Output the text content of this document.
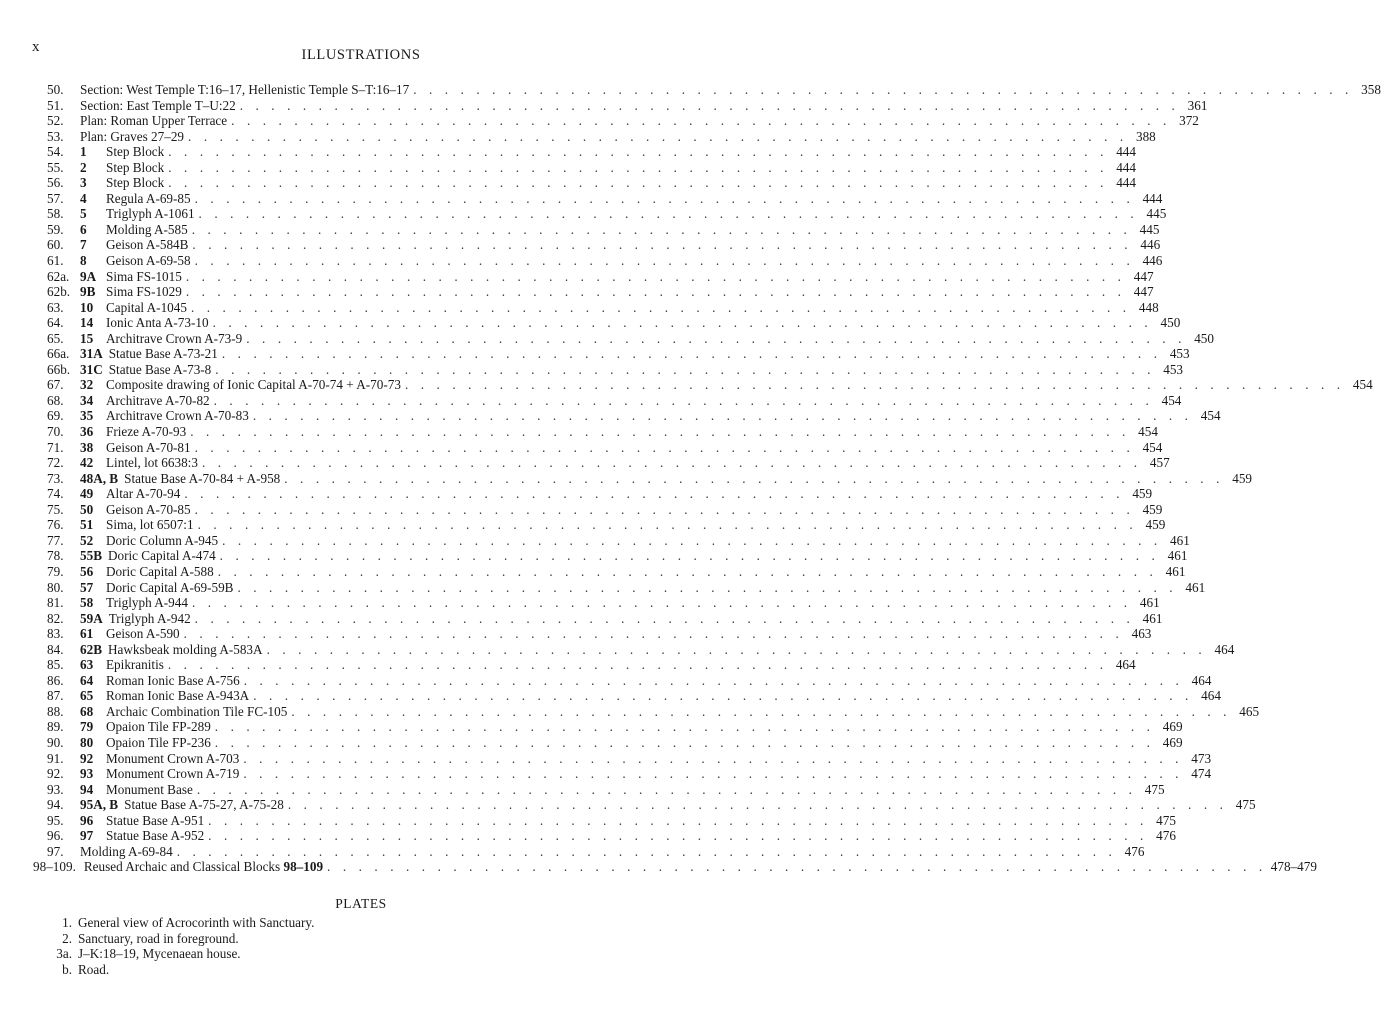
x	ILLUSTRATIONS
50.	Section: West Temple T:16–17, Hellenistic Temple S–T:16–17 . . . . . . . . . . . . . . . . . . . . . . . . . . . . . . . . . . . . . . . . . . . . . . . . . . . . . . . . . . . . 358
51.	Section: East Temple T–U:22 . . . . . . . . . . . . . . . . . . . . . . . . . . . . . . . . . . . . . . . . . . . . . . . . . . . . . . . . . . . . 361
52.	Plan: Roman Upper Terrace . . . . . . . . . . . . . . . . . . . . . . . . . . . . . . . . . . . . . . . . . . . . . . . . . . . . . . . . . . . . 372
53.	Plan: Graves 27–29 . . . . . . . . . . . . . . . . . . . . . . . . . . . . . . . . . . . . . . . . . . . . . . . . . . . . . . . . . . . . 388
54.	1 Step Block . . . . . . . . . . . . . . . . . . . . . . . . . . . . . . . . . . . . . . . . . . . . . . . . . . . . . . . . . . . . 444
55.	2 Step Block . . . . . . . . . . . . . . . . . . . . . . . . . . . . . . . . . . . . . . . . . . . . . . . . . . . . . . . . . . . . 444
56.	3 Step Block . . . . . . . . . . . . . . . . . . . . . . . . . . . . . . . . . . . . . . . . . . . . . . . . . . . . . . . . . . . . 444
57.	4 Regula A-69-85 . . . . . . . . . . . . . . . . . . . . . . . . . . . . . . . . . . . . . . . . . . . . . . . . . . . . . . . . . . . . 444
58.	5 Triglyph A-1061 . . . . . . . . . . . . . . . . . . . . . . . . . . . . . . . . . . . . . . . . . . . . . . . . . . . . . . . . . . . . 445
59.	6 Molding A-585 . . . . . . . . . . . . . . . . . . . . . . . . . . . . . . . . . . . . . . . . . . . . . . . . . . . . . . . . . . . . 445
60.	7 Geison A-584B . . . . . . . . . . . . . . . . . . . . . . . . . . . . . . . . . . . . . . . . . . . . . . . . . . . . . . . . . . . . 446
61.	8 Geison A-69-58 . . . . . . . . . . . . . . . . . . . . . . . . . . . . . . . . . . . . . . . . . . . . . . . . . . . . . . . . . . . . 446
62a. 9A Sima FS-1015 . . . . . . . . . . . . . . . . . . . . . . . . . . . . . . . . . . . . . . . . . . . . . . . . . . . . . . . . . . . . 447
62b. 9B Sima FS-1029 . . . . . . . . . . . . . . . . . . . . . . . . . . . . . . . . . . . . . . . . . . . . . . . . . . . . . . . . . . . . 447
63.	10 Capital A-1045 . . . . . . . . . . . . . . . . . . . . . . . . . . . . . . . . . . . . . . . . . . . . . . . . . . . . . . . . . . . . 448
64.	14 Ionic Anta A-73-10 . . . . . . . . . . . . . . . . . . . . . . . . . . . . . . . . . . . . . . . . . . . . . . . . . . . . . . . . . . . . 450
65.	15 Architrave Crown A-73-9 . . . . . . . . . . . . . . . . . . . . . . . . . . . . . . . . . . . . . . . . . . . . . . . . . . . . . . . . . . . . 450
66a. 31A Statue Base A-73-21 . . . . . . . . . . . . . . . . . . . . . . . . . . . . . . . . . . . . . . . . . . . . . . . . . . . . . . . . . . . . 453
66b. 31C Statue Base A-73-8 . . . . . . . . . . . . . . . . . . . . . . . . . . . . . . . . . . . . . . . . . . . . . . . . . . . . . . . . . . . . 453
67.	32 Composite drawing of Ionic Capital A-70-74 + A-70-73 . . . . . . . . . . . . . . . . . . . . . . . . . . . . . . . . . . . . . . . . . . . . . . . . . . . . . . . . . . . . 454
68.	34 Architrave A-70-82 . . . . . . . . . . . . . . . . . . . . . . . . . . . . . . . . . . . . . . . . . . . . . . . . . . . . . . . . . . . . 454
69.	35 Architrave Crown A-70-83 . . . . . . . . . . . . . . . . . . . . . . . . . . . . . . . . . . . . . . . . . . . . . . . . . . . . . . . . . . . . 454
70.	36 Frieze A-70-93 . . . . . . . . . . . . . . . . . . . . . . . . . . . . . . . . . . . . . . . . . . . . . . . . . . . . . . . . . . . . 454
71.	38 Geison A-70-81 . . . . . . . . . . . . . . . . . . . . . . . . . . . . . . . . . . . . . . . . . . . . . . . . . . . . . . . . . . . . 454
72.	42 Lintel, lot 6638:3 . . . . . . . . . . . . . . . . . . . . . . . . . . . . . . . . . . . . . . . . . . . . . . . . . . . . . . . . . . . . 457
73.	48A, B Statue Base A-70-84 + A-958 . . . . . . . . . . . . . . . . . . . . . . . . . . . . . . . . . . . . . . . . . . . . . . . . . . . . . . . . . . . . 459
74.	49 Altar A-70-94 . . . . . . . . . . . . . . . . . . . . . . . . . . . . . . . . . . . . . . . . . . . . . . . . . . . . . . . . . . . . 459
75.	50 Geison A-70-85 . . . . . . . . . . . . . . . . . . . . . . . . . . . . . . . . . . . . . . . . . . . . . . . . . . . . . . . . . . . . 459
76.	51 Sima, lot 6507:1 . . . . . . . . . . . . . . . . . . . . . . . . . . . . . . . . . . . . . . . . . . . . . . . . . . . . . . . . . . . . 459
77.	52 Doric Column A-945 . . . . . . . . . . . . . . . . . . . . . . . . . . . . . . . . . . . . . . . . . . . . . . . . . . . . . . . . . . . . 461
78.	55B Doric Capital A-474 . . . . . . . . . . . . . . . . . . . . . . . . . . . . . . . . . . . . . . . . . . . . . . . . . . . . . . . . . . . . 461
79.	56 Doric Capital A-588 . . . . . . . . . . . . . . . . . . . . . . . . . . . . . . . . . . . . . . . . . . . . . . . . . . . . . . . . . . . . 461
80.	57 Doric Capital A-69-59B . . . . . . . . . . . . . . . . . . . . . . . . . . . . . . . . . . . . . . . . . . . . . . . . . . . . . . . . . . . . 461
81.	58 Triglyph A-944 . . . . . . . . . . . . . . . . . . . . . . . . . . . . . . . . . . . . . . . . . . . . . . . . . . . . . . . . . . . . 461
82.	59A Triglyph A-942 . . . . . . . . . . . . . . . . . . . . . . . . . . . . . . . . . . . . . . . . . . . . . . . . . . . . . . . . . . . . 461
83.	61 Geison A-590 . . . . . . . . . . . . . . . . . . . . . . . . . . . . . . . . . . . . . . . . . . . . . . . . . . . . . . . . . . . . 463
84.	62B Hawksbeak molding A-583A . . . . . . . . . . . . . . . . . . . . . . . . . . . . . . . . . . . . . . . . . . . . . . . . . . . . . . . . . . . . 464
85.	63 Epikranitis . . . . . . . . . . . . . . . . . . . . . . . . . . . . . . . . . . . . . . . . . . . . . . . . . . . . . . . . . . . . 464
86.	64 Roman Ionic Base A-756 . . . . . . . . . . . . . . . . . . . . . . . . . . . . . . . . . . . . . . . . . . . . . . . . . . . . . . . . . . . . 464
87.	65 Roman Ionic Base A-943A . . . . . . . . . . . . . . . . . . . . . . . . . . . . . . . . . . . . . . . . . . . . . . . . . . . . . . . . . . . . 464
88.	68 Archaic Combination Tile FC-105 . . . . . . . . . . . . . . . . . . . . . . . . . . . . . . . . . . . . . . . . . . . . . . . . . . . . . . . . . . . . 465
89.	79 Opaion Tile FP-289 . . . . . . . . . . . . . . . . . . . . . . . . . . . . . . . . . . . . . . . . . . . . . . . . . . . . . . . . . . . . 469
90.	80 Opaion Tile FP-236 . . . . . . . . . . . . . . . . . . . . . . . . . . . . . . . . . . . . . . . . . . . . . . . . . . . . . . . . . . . . 469
91.	92 Monument Crown A-703 . . . . . . . . . . . . . . . . . . . . . . . . . . . . . . . . . . . . . . . . . . . . . . . . . . . . . . . . . . . . 473
92.	93 Monument Crown A-719 . . . . . . . . . . . . . . . . . . . . . . . . . . . . . . . . . . . . . . . . . . . . . . . . . . . . . . . . . . . . 474
93.	94 Monument Base . . . . . . . . . . . . . . . . . . . . . . . . . . . . . . . . . . . . . . . . . . . . . . . . . . . . . . . . . . . . 475
94.	95A, B Statue Base A-75-27, A-75-28 . . . . . . . . . . . . . . . . . . . . . . . . . . . . . . . . . . . . . . . . . . . . . . . . . . . . . . . . . . . . 475
95.	96 Statue Base A-951 . . . . . . . . . . . . . . . . . . . . . . . . . . . . . . . . . . . . . . . . . . . . . . . . . . . . . . . . . . . . 475
96.	97 Statue Base A-952 . . . . . . . . . . . . . . . . . . . . . . . . . . . . . . . . . . . . . . . . . . . . . . . . . . . . . . . . . . . . 476
97.	Molding A-69-84 . . . . . . . . . . . . . . . . . . . . . . . . . . . . . . . . . . . . . . . . . . . . . . . . . . . . . . . . . . . . 476
98–109. Reused Archaic and Classical Blocks 98–109 . . . . . . . . . . . . . . . . . . . . . . . . . . . . . . . . . . . . . . . . . . . . . . . . . . . . . . . . . . . . 478–479
PLATES
1. General view of Acrocorinth with Sanctuary.
2. Sanctuary, road in foreground.
3a. J–K:18–19, Mycenaean house.
b. Road.
